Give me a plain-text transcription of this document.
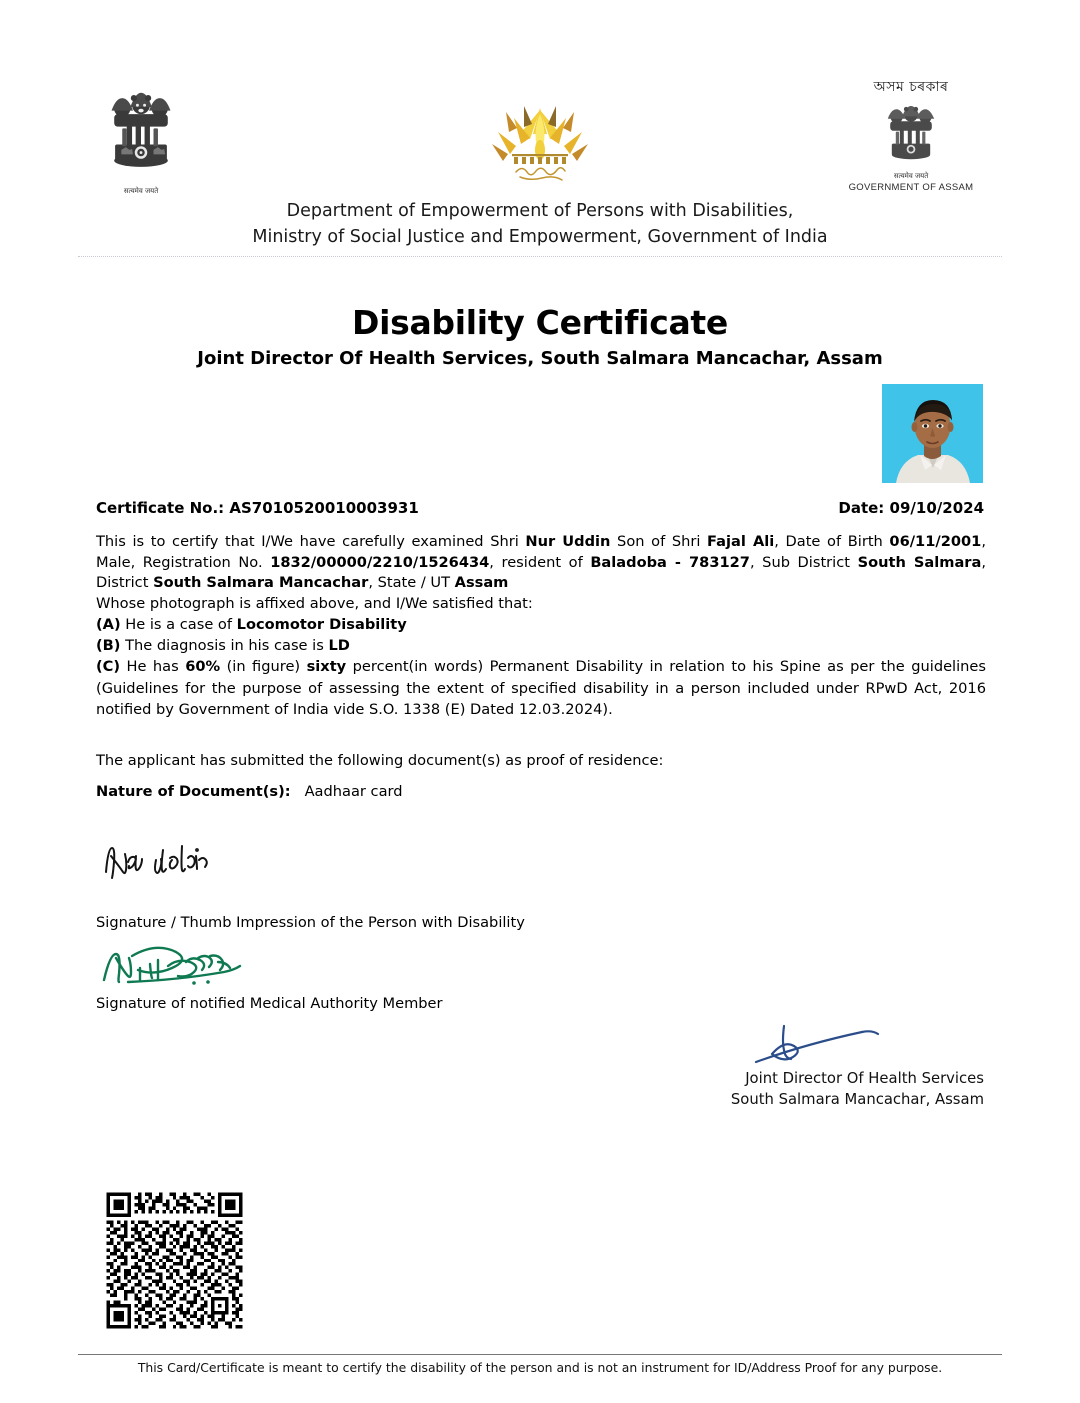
सत्यमेव जयते
অসম চৰকাৰ
सत्यमेव जयते
GOVERNMENT OF ASSAM
Department of Empowerment of Persons with Disabilities,
Ministry of Social Justice and Empowerment, Government of India
Disability Certificate
Joint Director Of Health Services, South Salmara Mancachar, Assam
Certificate No.: AS7010520010003931	Date: 09/10/2024
This is to certify that I/We have carefully examined Shri Nur Uddin Son of Shri Fajal Ali, Date of Birth 06/11/2001, Male, Registration No. 1832/00000/2210/1526434, resident of Baladoba - 783127, Sub District South Salmara, District South Salmara Mancachar, State / UT Assam
Whose photograph is affixed above, and I/We satisfied that:
(A) He is a case of Locomotor Disability
(B) The diagnosis in his case is LD
(C) He has 60% (in figure) sixty percent(in words) Permanent Disability in relation to his Spine as per the guidelines (Guidelines for the purpose of assessing the extent of specified disability in a person included under RPwD Act, 2016 notified by Government of India vide S.O. 1338 (E) Dated 12.03.2024).
The applicant has submitted the following document(s) as proof of residence:
Nature of Document(s): Aadhaar card
Signature / Thumb Impression of the Person with Disability
Signature of notified Medical Authority Member
Joint Director Of Health Services
South Salmara Mancachar, Assam
This Card/Certificate is meant to certify the disability of the person and is not an instrument for ID/Address Proof for any purpose.
